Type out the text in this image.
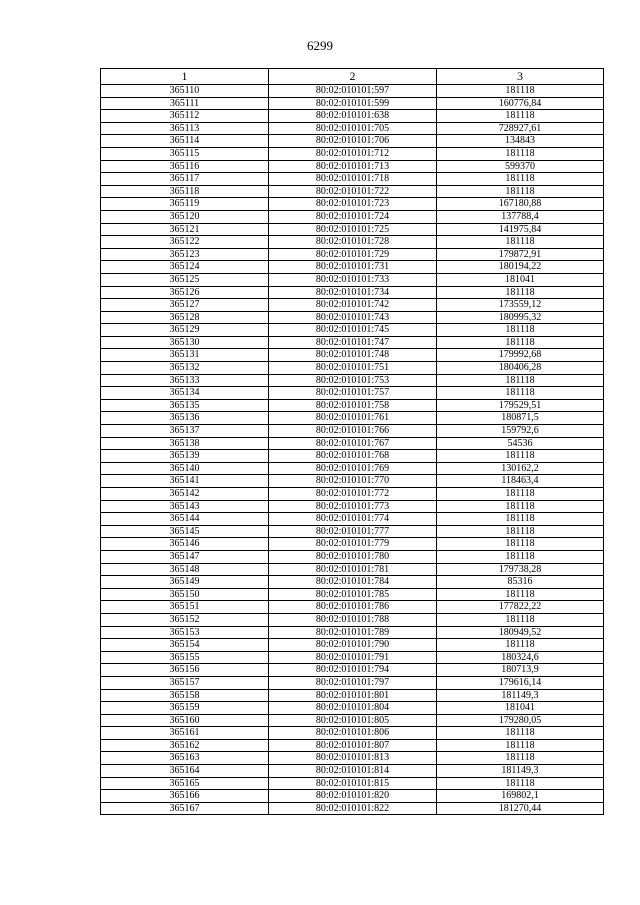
6299
1	2	3
365110	80:02:010101:597	181118
365111	80:02:010101:599	160776,84
365112	80:02:010101:638	181118
365113	80:02:010101:705	728927,61
365114	80:02:010101:706	134843
365115	80:02:010101:712	181118
365116	80:02:010101:713	599370
365117	80:02:010101:718	181118
365118	80:02:010101:722	181118
365119	80:02:010101:723	167180,88
365120	80:02:010101:724	137788,4
365121	80:02:010101:725	141975,84
365122	80:02:010101:728	181118
365123	80:02:010101:729	179872,91
365124	80:02:010101:731	180194,22
365125	80:02:010101:733	181041
365126	80:02:010101:734	181118
365127	80:02:010101:742	173559,12
365128	80:02:010101:743	180995,32
365129	80:02:010101:745	181118
365130	80:02:010101:747	181118
365131	80:02:010101:748	179992,68
365132	80:02:010101:751	180406,28
365133	80:02:010101:753	181118
365134	80:02:010101:757	181118
365135	80:02:010101:758	179529,51
365136	80:02:010101:761	180871,5
365137	80:02:010101:766	159792,6
365138	80:02:010101:767	54536
365139	80:02:010101:768	181118
365140	80:02:010101:769	130162,2
365141	80:02:010101:770	118463,4
365142	80:02:010101:772	181118
365143	80:02:010101:773	181118
365144	80:02:010101:774	181118
365145	80:02:010101:777	181118
365146	80:02:010101:779	181118
365147	80:02:010101:780	181118
365148	80:02:010101:781	179738,28
365149	80:02:010101:784	85316
365150	80:02:010101:785	181118
365151	80:02:010101:786	177822,22
365152	80:02:010101:788	181118
365153	80:02:010101:789	180949,52
365154	80:02:010101:790	181118
365155	80:02:010101:791	180324,6
365156	80:02:010101:794	180713,9
365157	80:02:010101:797	179616,14
365158	80:02:010101:801	181149,3
365159	80:02:010101:804	181041
365160	80:02:010101:805	179280,05
365161	80:02:010101:806	181118
365162	80:02:010101:807	181118
365163	80:02:010101:813	181118
365164	80:02:010101:814	181149,3
365165	80:02:010101:815	181118
365166	80:02:010101:820	169802,1
365167	80:02:010101:822	181270,44
